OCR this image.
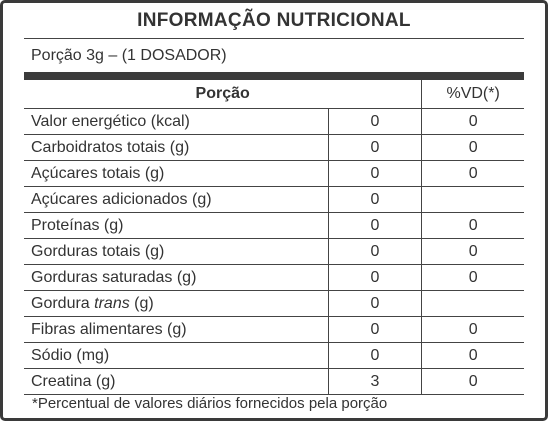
INFORMAÇÃO NUTRICIONAL
Porção 3g – (1 DOSADOR)
Porção		%VD(*)
Valor energético (kcal)	0	0
Carboidratos totais (g)	0	0
Açúcares totais (g)	0	0
Açúcares adicionados (g)	0	
Proteínas (g)	0	0
Gorduras totais (g)	0	0
Gorduras saturadas (g)	0	0
Gordura trans (g)	0	
Fibras alimentares (g)	0	0
Sódio (mg)	0	0
Creatina (g)	3	0
*Percentual de valores diários fornecidos pela porção
